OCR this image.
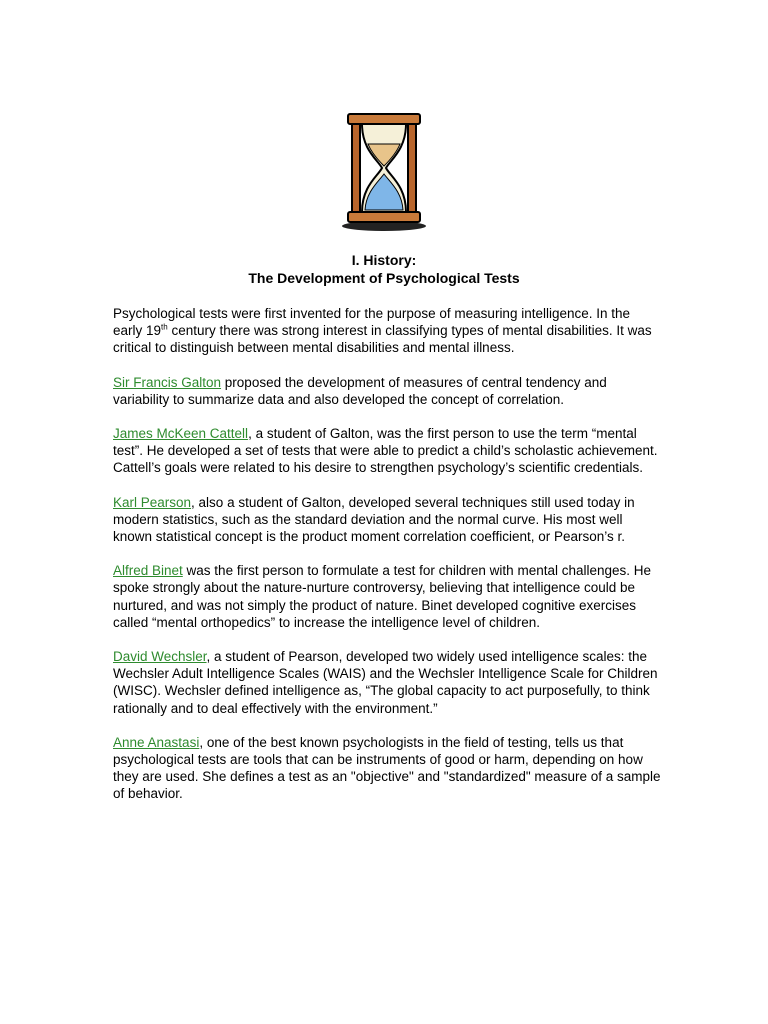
I. History:
The Development of Psychological Tests

Psychological tests were first invented for the purpose of measuring intelligence. In the early 19th century there was strong interest in classifying types of mental disabilities. It was critical to distinguish between mental disabilities and mental illness.

Sir Francis Galton proposed the development of measures of central tendency and variability to summarize data and also developed the concept of correlation.

James McKeen Cattell, a student of Galton, was the first person to use the term “mental test”. He developed a set of tests that were able to predict a child’s scholastic achievement. Cattell’s goals were related to his desire to strengthen psychology’s scientific credentials.

Karl Pearson, also a student of Galton, developed several techniques still used today in modern statistics, such as the standard deviation and the normal curve. His most well known statistical concept is the product moment correlation coefficient, or Pearson’s r.

Alfred Binet was the first person to formulate a test for children with mental challenges. He spoke strongly about the nature-nurture controversy, believing that intelligence could be nurtured, and was not simply the product of nature. Binet developed cognitive exercises called “mental orthopedics” to increase the intelligence level of children.

David Wechsler, a student of Pearson, developed two widely used intelligence scales: the Wechsler Adult Intelligence Scales (WAIS) and the Wechsler Intelligence Scale for Children (WISC). Wechsler defined intelligence as, “The global capacity to act purposefully, to think rationally and to deal effectively with the environment.”

Anne Anastasi, one of the best known psychologists in the field of testing, tells us that psychological tests are tools that can be instruments of good or harm, depending on how they are used. She defines a test as an "objective" and "standardized" measure of a sample of behavior.
